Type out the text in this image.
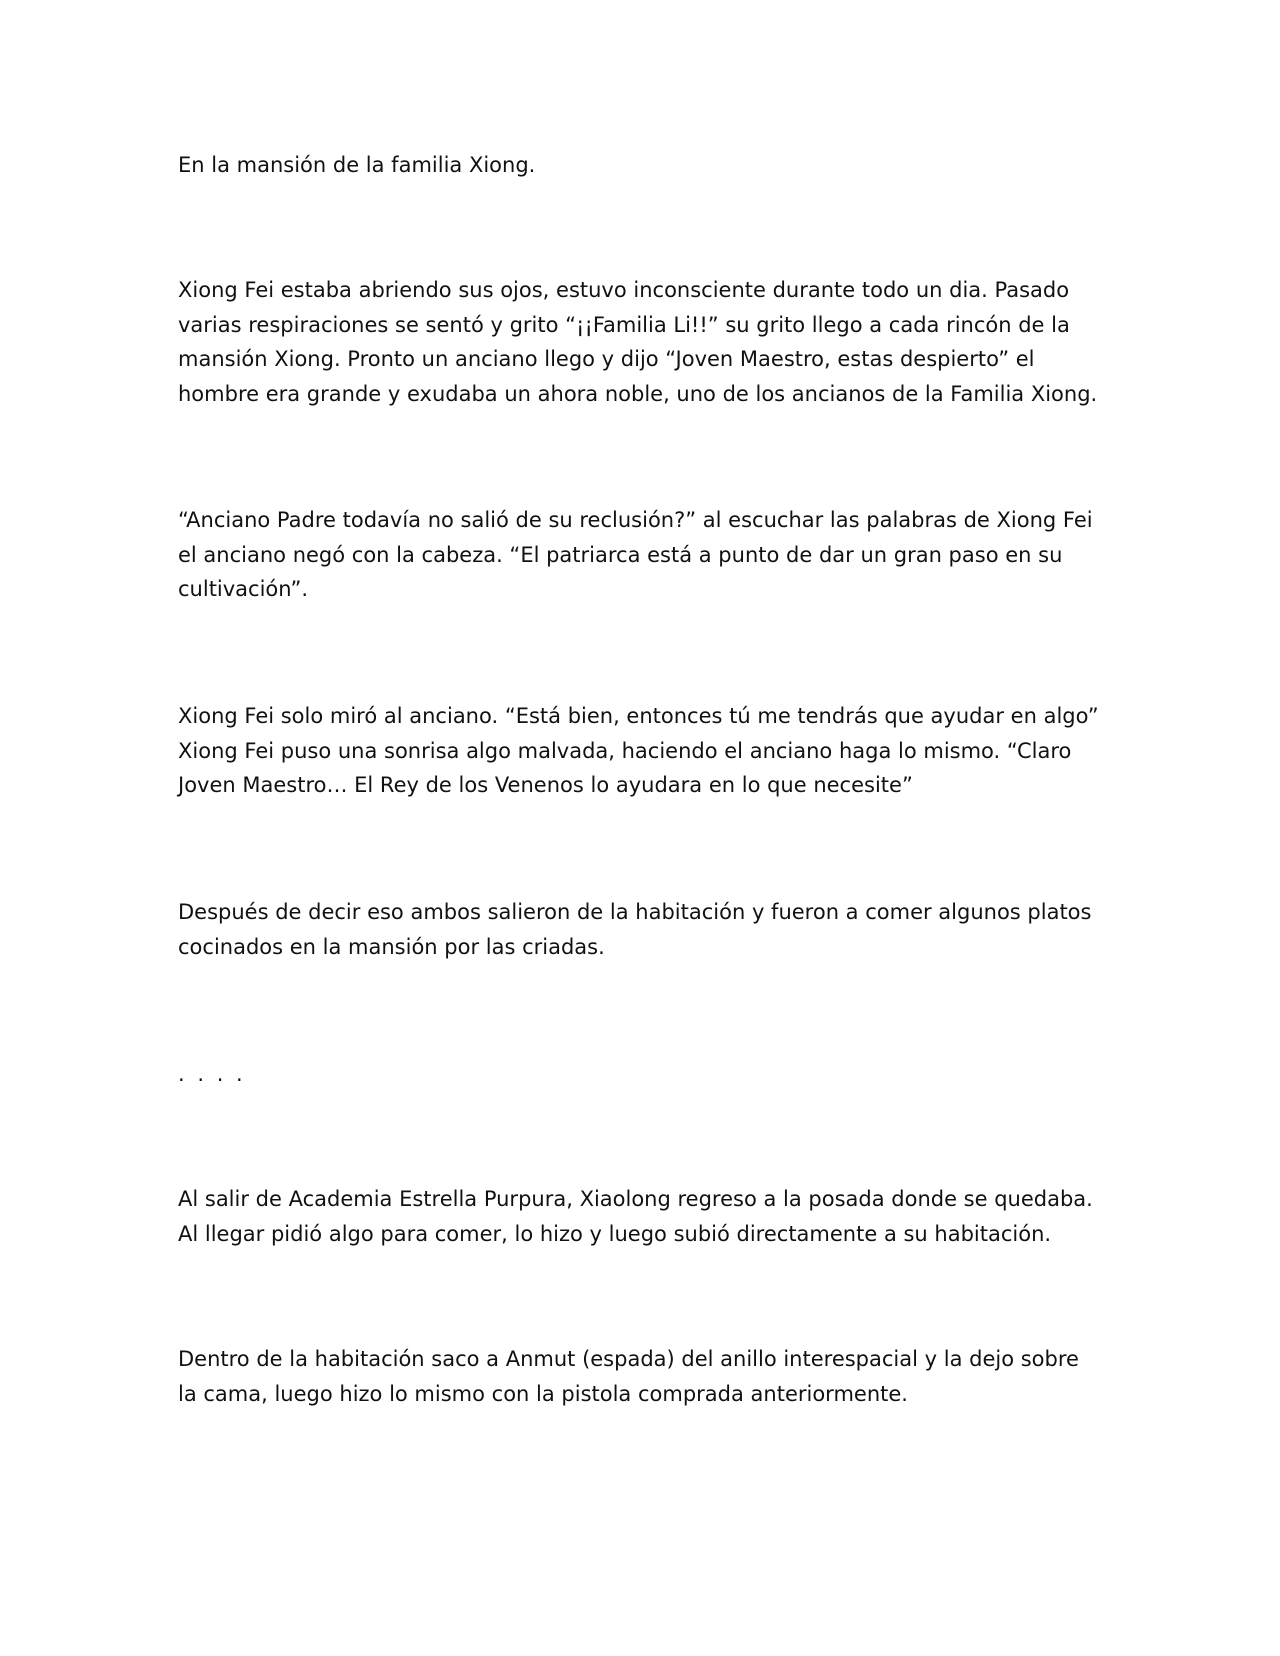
En la mansión de la familia Xiong.

Xiong Fei estaba abriendo sus ojos, estuvo inconsciente durante todo un dia. Pasado
varias respiraciones se sentó y grito “¡¡Familia Li!!” su grito llego a cada rincón de la
mansión Xiong. Pronto un anciano llego y dijo “Joven Maestro, estas despierto” el
hombre era grande y exudaba un ahora noble, uno de los ancianos de la Familia Xiong.

“Anciano Padre todavía no salió de su reclusión?” al escuchar las palabras de Xiong Fei
el anciano negó con la cabeza. “El patriarca está a punto de dar un gran paso en su
cultivación”.

Xiong Fei solo miró al anciano. “Está bien, entonces tú me tendrás que ayudar en algo”
Xiong Fei puso una sonrisa algo malvada, haciendo el anciano haga lo mismo. “Claro
Joven Maestro… El Rey de los Venenos lo ayudara en lo que necesite”

Después de decir eso ambos salieron de la habitación y fueron a comer algunos platos
cocinados en la mansión por las criadas.

. . . .

Al salir de Academia Estrella Purpura, Xiaolong regreso a la posada donde se quedaba.
Al llegar pidió algo para comer, lo hizo y luego subió directamente a su habitación.

Dentro de la habitación saco a Anmut (espada) del anillo interespacial y la dejo sobre
la cama, luego hizo lo mismo con la pistola comprada anteriormente.
